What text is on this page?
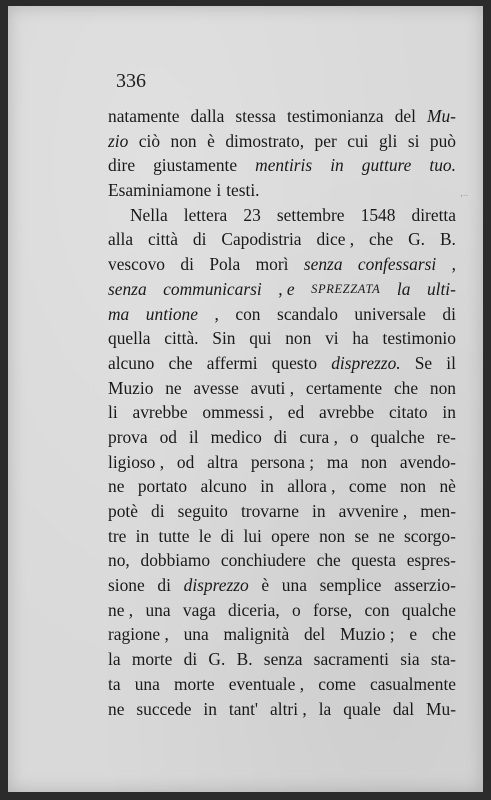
336
,..
natamente dalla stessa testimonianza del Mu-
zio ciò non è dimostrato, per cui gli si può
dire giustamente mentiris in gutture tuo.
Esaminiamone i testi.
Nella lettera 23 settembre 1548 diretta
alla città di Capodistria dice , che G. B.
vescovo di Pola morì senza confessarsi ,
senza communicarsi , e SPREZZATA la ulti-
ma untione , con scandalo universale di
quella città. Sin qui non vi ha testimonio
alcuno che affermi questo disprezzo. Se il
Muzio ne avesse avuti , certamente che non
li avrebbe ommessi , ed avrebbe citato in
prova od il medico di cura , o qualche re-
ligioso , od altra persona ; ma non avendo-
ne portato alcuno in allora , come non nè
potè di seguito trovarne in avvenire , men-
tre in tutte le di lui opere non se ne scorgo-
no, dobbiamo conchiudere che questa espres-
sione di disprezzo è una semplice asserzio-
ne , una vaga diceria, o forse, con qualche
ragione , una malignità del Muzio ; e che
la morte di G. B. senza sacramenti sia sta-
ta una morte eventuale , come casualmente
ne succede in tant' altri , la quale dal Mu-
